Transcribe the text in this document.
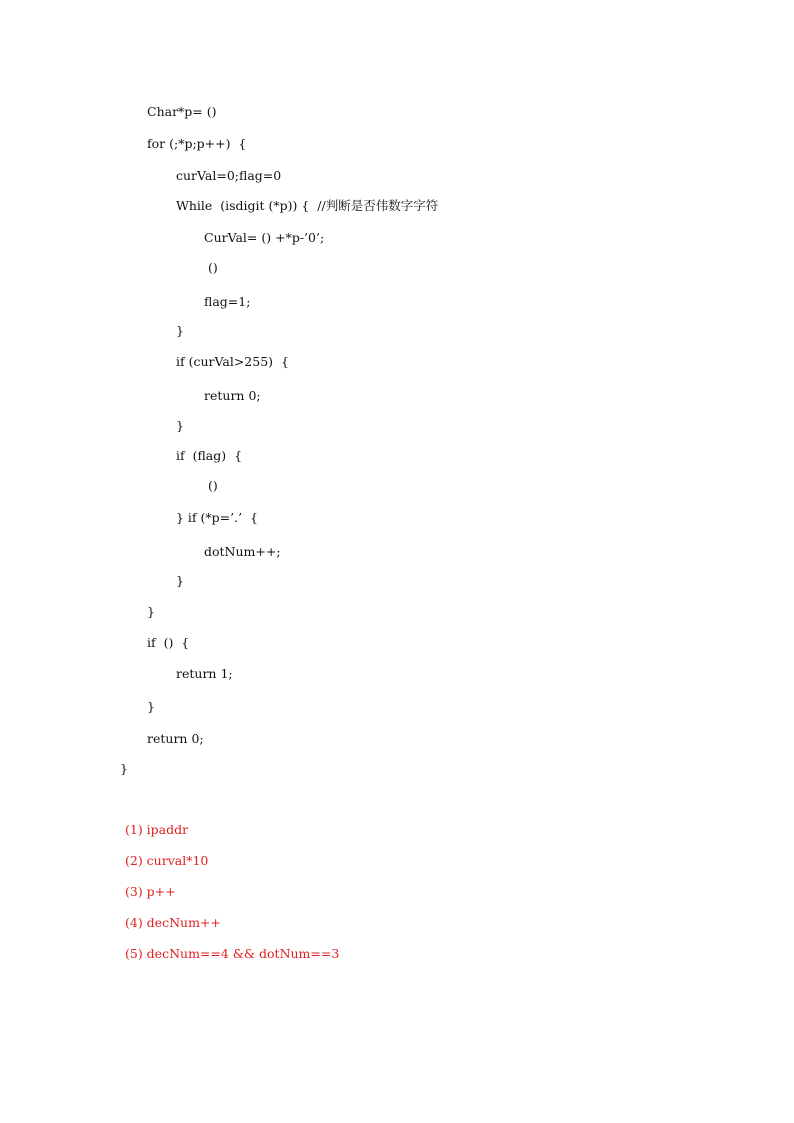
Char*p= ()
for (;*p;p++)  {
curVal=0;flag=0
While  (isdigit (*p)) {  //判断是否伟数字字符
CurVal= () +*p-’0’;
()
flag=1;
}
if (curVal>255)  {
return 0;
}
if  (flag)  {
()
} if (*p=’.’  {
dotNum++;
}
}
if  ()  {
return 1;
}
return 0;
}
(1) ipaddr
(2) curval*10
(3) p++
(4) decNum++
(5) decNum==4 && dotNum==3
